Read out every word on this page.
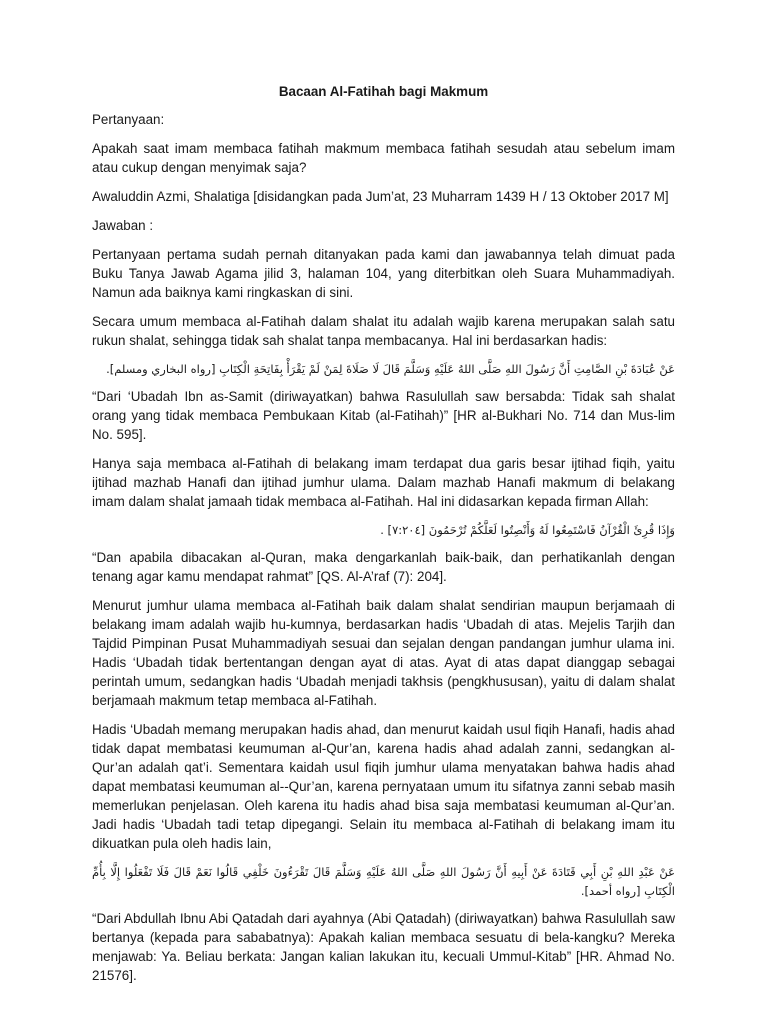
Bacaan Al-Fatihah bagi Makmum
Pertanyaan:
Apakah saat imam membaca fatihah makmum membaca fatihah sesudah atau sebelum imam atau cukup dengan menyimak saja?
Awaluddin Azmi, Shalatiga [disidangkan pada Jum’at, 23 Muharram 1439 H / 13 Oktober 2017 M]
Jawaban :
Pertanyaan pertama sudah pernah ditanyakan pada kami dan jawabannya telah dimuat pada Buku Tanya Jawab Agama jilid 3, halaman 104, yang diterbitkan oleh Suara Muhammadiyah. Namun ada baiknya kami ringkaskan di sini.
Secara umum membaca al-Fatihah dalam shalat itu adalah wajib karena merupakan salah satu rukun shalat, sehingga tidak sah shalat tanpa membacanya. Hal ini berdasarkan hadis:
عَنْ عُبَادَةَ بْنِ الصَّامِتِ أَنَّ رَسُولَ اللهِ صَلَّى اللهُ عَلَيْهِ وَسَلَّمَ قَالَ لَا صَلَاةَ لِمَنْ لَمْ يَقْرَأْ بِفَاتِحَةِ الْكِتَابِ [رواه البخاري ومسلم].
“Dari ‘Ubadah Ibn as-Samit (diriwayatkan) bahwa Rasulullah saw bersabda: Tidak sah shalat orang yang tidak membaca Pembukaan Kitab (al-Fatihah)” [HR al-Bukhari No. 714 dan Mus-lim No. 595].
Hanya saja membaca al-Fatihah di belakang imam terdapat dua garis besar ijtihad fiqih, yaitu ijtihad mazhab Hanafi dan ijtihad jumhur ulama. Dalam mazhab Hanafi makmum di belakang imam dalam shalat jamaah tidak membaca al-Fatihah. Hal ini didasarkan kepada firman Allah:
وَإِذَا قُرِئَ الْقُرْآنُ فَاسْتَمِعُوا لَهُ وَأَنْصِتُوا لَعَلَّكُمْ تُرْحَمُونَ [٧:٢٠٤] .
“Dan apabila dibacakan al-Quran, maka dengarkanlah baik-baik, dan perhatikanlah dengan tenang agar kamu mendapat rahmat” [QS. Al-A’raf (7): 204].
Menurut jumhur ulama membaca al-Fatihah baik dalam shalat sendirian maupun berjamaah di belakang imam adalah wajib hu-kumnya, berdasarkan hadis ‘Ubadah di atas. Mejelis Tarjih dan Tajdid Pimpinan Pusat Muhammadiyah sesuai dan sejalan dengan pandangan jumhur ulama ini. Hadis ‘Ubadah tidak bertentangan dengan ayat di atas. Ayat di atas dapat dianggap sebagai perintah umum, sedangkan hadis ‘Ubadah menjadi takhsis (pengkhususan), yaitu di dalam shalat berjamaah makmum tetap membaca al-Fatihah.
Hadis ‘Ubadah memang merupakan hadis ahad, dan menurut kaidah usul fiqih Hanafi, hadis ahad tidak dapat membatasi keumuman al-Qur’an, karena hadis ahad adalah zanni, sedangkan al-Qur’an adalah qat’i. Sementara kaidah usul fiqih jumhur ulama menyatakan bahwa hadis ahad dapat membatasi keumuman al--Qur’an, karena pernyataan umum itu sifatnya zanni sebab masih memerlukan penjelasan. Oleh karena itu hadis ahad bisa saja membatasi keumuman al-Qur’an. Jadi hadis ‘Ubadah tadi tetap dipegangi. Selain itu membaca al-Fatihah di belakang imam itu dikuatkan pula oleh hadis lain,
عَنْ عَبْدِ اللهِ بْنِ أَبِي قَتَادَةَ عَنْ أَبِيهِ أَنَّ رَسُولَ اللهِ صَلَّى اللهُ عَلَيْهِ وَسَلَّمَ قَالَ تَقْرَءُونَ خَلْفِي قَالُوا نَعَمْ قَالَ فَلَا تَفْعَلُوا إِلَّا بِأُمِّ الْكِتَابِ [رواه أحمد].
“Dari Abdullah Ibnu Abi Qatadah dari ayahnya (Abi Qatadah) (diriwayatkan) bahwa Rasulullah saw bertanya (kepada para sababatnya): Apakah kalian membaca sesuatu di bela-kangku? Mereka menjawab: Ya. Beliau berkata: Jangan kalian lakukan itu, kecuali Ummul-Kitab” [HR. Ahmad No. 21576].
